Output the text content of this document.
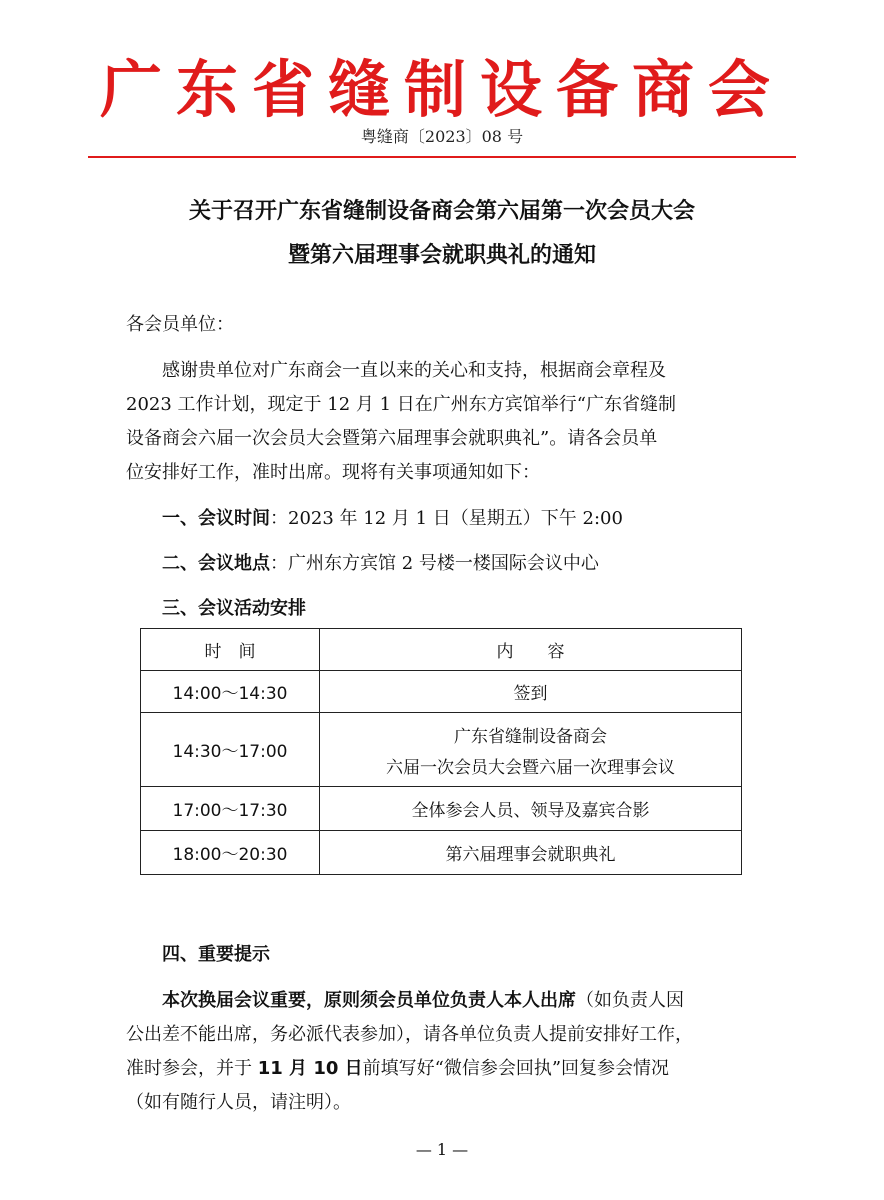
广东省缝制设备商会
粤缝商〔2023〕08 号
关于召开广东省缝制设备商会第六届第一次会员大会
暨第六届理事会就职典礼的通知
各会员单位：
感谢贵单位对广东商会一直以来的关心和支持，根据商会章程及
2023 工作计划，现定于 12 月 1 日在广州东方宾馆举行“广东省缝制
设备商会六届一次会员大会暨第六届理事会就职典礼”。请各会员单
位安排好工作，准时出席。现将有关事项通知如下：
一、会议时间：2023 年 12 月 1 日（星期五）下午 2:00
二、会议地点：广州东方宾馆 2 号楼一楼国际会议中心
三、会议活动安排
时　间	内　　容
14:00～14:30	签到
14:30～17:00	广东省缝制设备商会
六届一次会员大会暨六届一次理事会议

17:00～17:30	全体参会人员、领导及嘉宾合影
18:00～20:30	第六届理事会就职典礼
四、重要提示
本次换届会议重要，原则须会员单位负责人本人出席（如负责人因
公出差不能出席，务必派代表参加），请各单位负责人提前安排好工作，
准时参会，并于 11 月 10 日前填写好“微信参会回执”回复参会情况
（如有随行人员，请注明）。
— 1 —
